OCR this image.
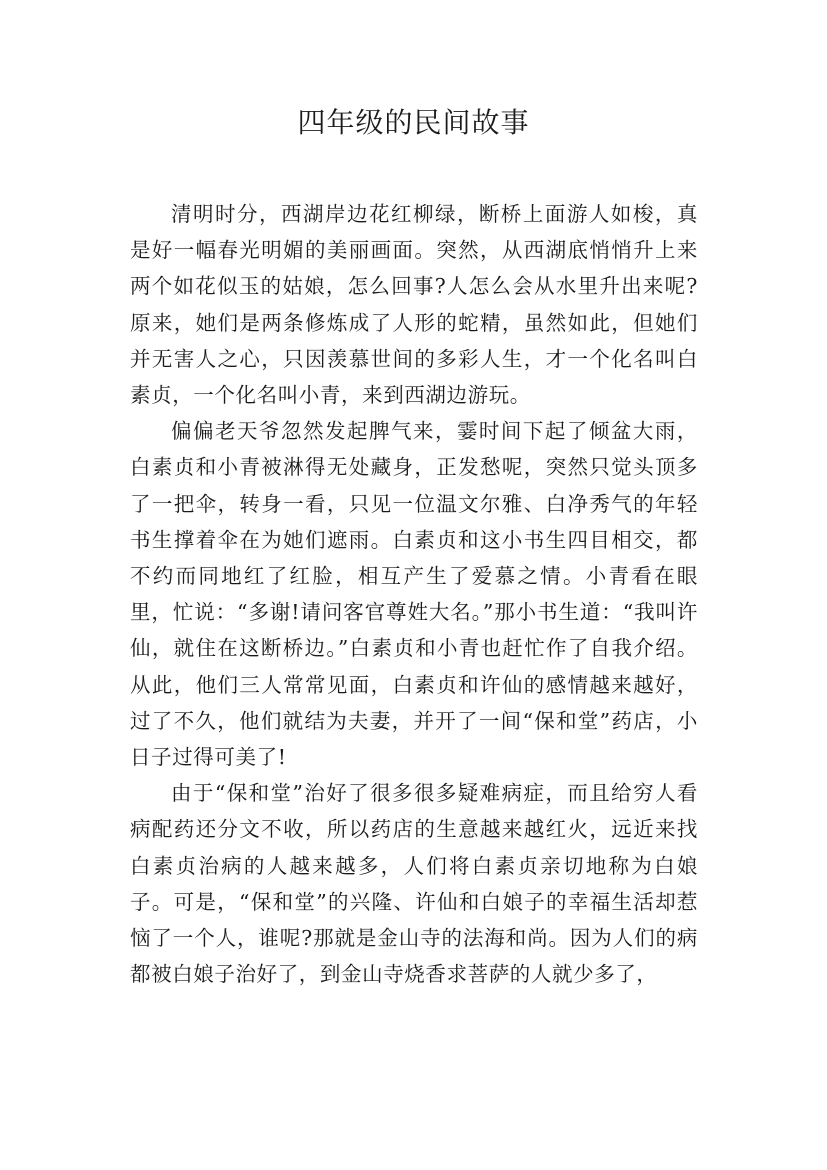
四年级的民间故事

清明时分，西湖岸边花红柳绿，断桥上面游人如梭，真是好一幅春光明媚的美丽画面。突然，从西湖底悄悄升上来两个如花似玉的姑娘，怎么回事?人怎么会从水里升出来呢?原来，她们是两条修炼成了人形的蛇精，虽然如此，但她们并无害人之心，只因羡慕世间的多彩人生，才一个化名叫白素贞，一个化名叫小青，来到西湖边游玩。

偏偏老天爷忽然发起脾气来，霎时间下起了倾盆大雨，白素贞和小青被淋得无处藏身，正发愁呢，突然只觉头顶多了一把伞，转身一看，只见一位温文尔雅、白净秀气的年轻书生撑着伞在为她们遮雨。白素贞和这小书生四目相交，都不约而同地红了红脸，相互产生了爱慕之情。小青看在眼里，忙说：“多谢!请问客官尊姓大名。”那小书生道：“我叫许仙，就住在这断桥边。”白素贞和小青也赶忙作了自我介绍。从此，他们三人常常见面，白素贞和许仙的感情越来越好，过了不久，他们就结为夫妻，并开了一间“保和堂”药店，小日子过得可美了!

由于“保和堂”治好了很多很多疑难病症，而且给穷人看病配药还分文不收，所以药店的生意越来越红火，远近来找白素贞治病的人越来越多，人们将白素贞亲切地称为白娘子。可是，“保和堂”的兴隆、许仙和白娘子的幸福生活却惹恼了一个人，谁呢?那就是金山寺的法海和尚。因为人们的病都被白娘子治好了，到金山寺烧香求菩萨的人就少多了，
